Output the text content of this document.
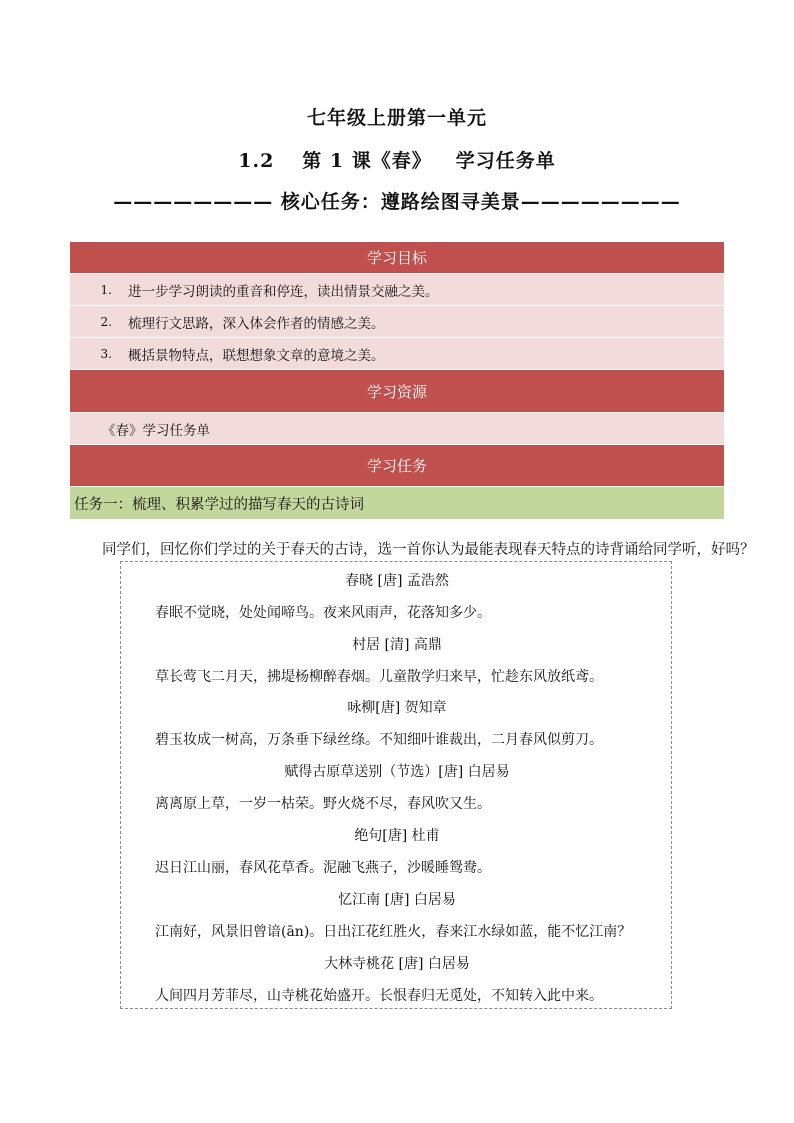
七年级上册第一单元
1.2 第 1 课《春》 学习任务单
———————— 核心任务：遵路绘图寻美景————————
学习目标
1.	进一步学习朗读的重音和停连，读出情景交融之美。
2.	梳理行文思路，深入体会作者的情感之美。
3.	概括景物特点，联想想象文章的意境之美。
学习资源
《春》学习任务单
学习任务
任务一：梳理、积累学过的描写春天的古诗词
同学们，回忆你们学过的关于春天的古诗，选一首你认为最能表现春天特点的诗背诵给同学听，好吗？
春晓 [唐] 孟浩然
春眠不觉晓，处处闻啼鸟。夜来风雨声，花落知多少。
村居 [清] 高鼎
草长莺飞二月天，拂堤杨柳醉春烟。儿童散学归来早，忙趁东风放纸鸢。
咏柳[唐] 贺知章
碧玉妆成一树高，万条垂下绿丝绦。不知细叶谁裁出，二月春风似剪刀。
赋得古原草送别（节选）[唐] 白居易
离离原上草，一岁一枯荣。野火烧不尽，春风吹又生。
绝句[唐] 杜甫
迟日江山丽，春风花草香。泥融飞燕子，沙暖睡鸳鸯。
忆江南 [唐] 白居易
江南好，风景旧曾谙(ān)。日出江花红胜火，春来江水绿如蓝，能不忆江南？
大林寺桃花 [唐] 白居易
人间四月芳菲尽，山寺桃花始盛开。长恨春归无觅处，不知转入此中来。
